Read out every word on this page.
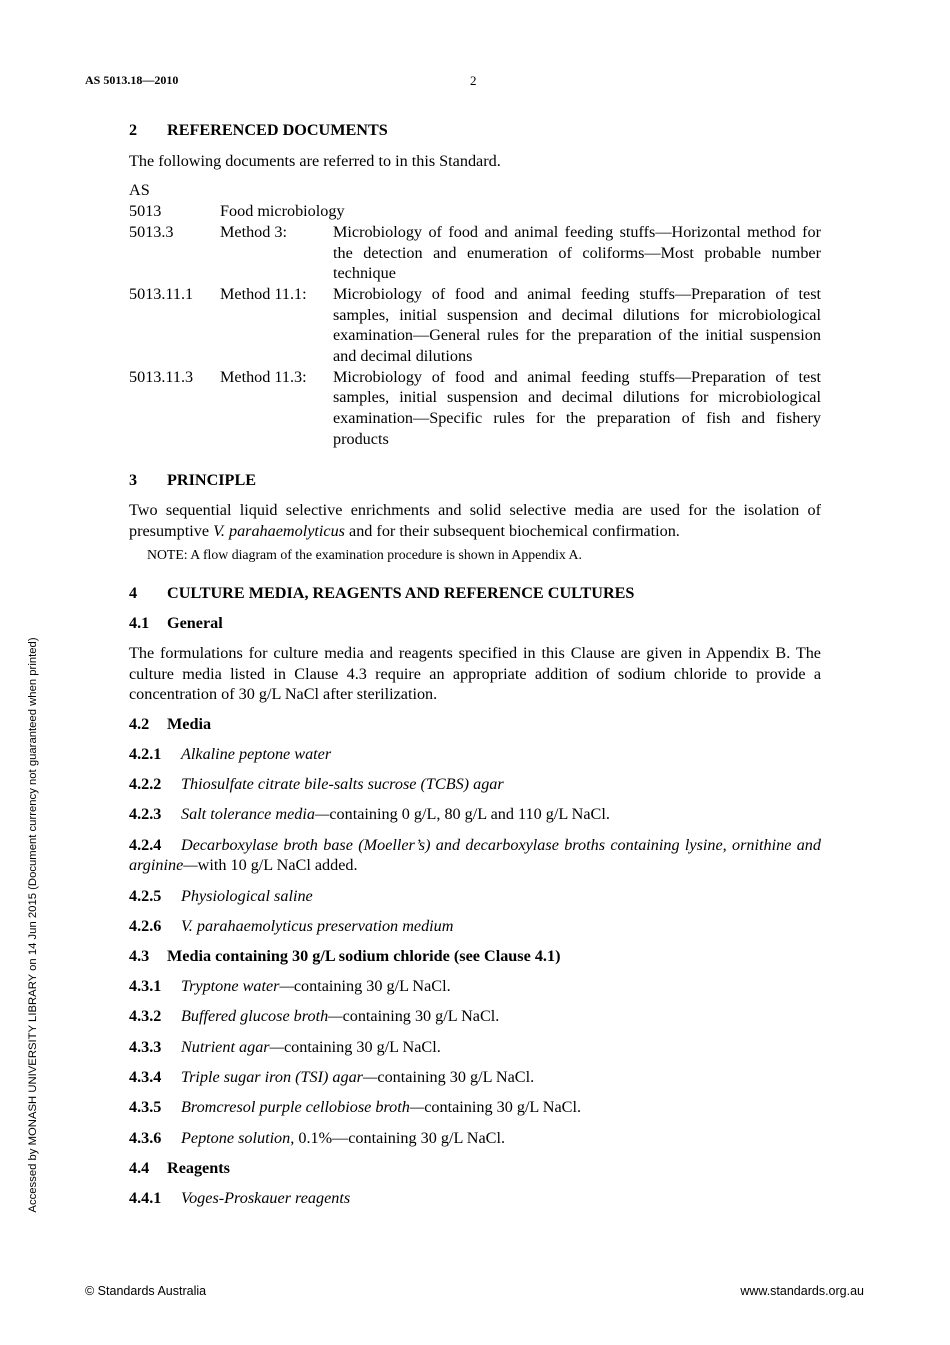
AS 5013.18—2010	2
Accessed by MONASH UNIVERSITY LIBRARY on 14 Jun 2015 (Document currency not guaranteed when printed)
2 REFERENCED DOCUMENTS

The following documents are referred to in this Standard.

AS
5013	Food microbiology	
5013.3	Method 3:	Microbiology of food and animal feeding stuffs—Horizontal method for the detection and enumeration of coliforms—Most probable number technique
5013.11.1	Method 11.1:	Microbiology of food and animal feeding stuffs—Preparation of test samples, initial suspension and decimal dilutions for microbiological examination—General rules for the preparation of the initial suspension and decimal dilutions
5013.11.3	Method 11.3:	Microbiology of food and animal feeding stuffs—Preparation of test samples, initial suspension and decimal dilutions for microbiological examination—Specific rules for the preparation of fish and fishery products
3 PRINCIPLE

Two sequential liquid selective enrichments and solid selective media are used for the isolation of presumptive V. parahaemolyticus and for their subsequent biochemical confirmation.

NOTE: A flow diagram of the examination procedure is shown in Appendix A.
4 CULTURE MEDIA, REAGENTS AND REFERENCE CULTURES
4.1 General

The formulations for culture media and reagents specified in this Clause are given in Appendix B. The culture media listed in Clause 4.3 require an appropriate addition of sodium chloride to provide a concentration of 30 g/L NaCl after sterilization.

4.2 Media
4.2.1 Alkaline peptone water
4.2.2 Thiosulfate citrate bile-salts sucrose (TCBS) agar
4.2.3 Salt tolerance media—containing 0 g/L, 80 g/L and 110 g/L NaCl.
4.2.4 Decarboxylase broth base (Moeller’s) and decarboxylase broths containing lysine, ornithine and arginine—with 10 g/L NaCl added.
4.2.5 Physiological saline
4.2.6 V. parahaemolyticus preservation medium
4.3 Media containing 30 g/L sodium chloride (see Clause 4.1)
4.3.1 Tryptone water—containing 30 g/L NaCl.
4.3.2 Buffered glucose broth—containing 30 g/L NaCl.
4.3.3 Nutrient agar—containing 30 g/L NaCl.
4.3.4 Triple sugar iron (TSI) agar—containing 30 g/L NaCl.
4.3.5 Bromcresol purple cellobiose broth—containing 30 g/L NaCl.
4.3.6 Peptone solution, 0.1%—containing 30 g/L NaCl.
4.4 Reagents
4.4.1 Voges-Proskauer reagents
© Standards Australia	www.standards.org.au
